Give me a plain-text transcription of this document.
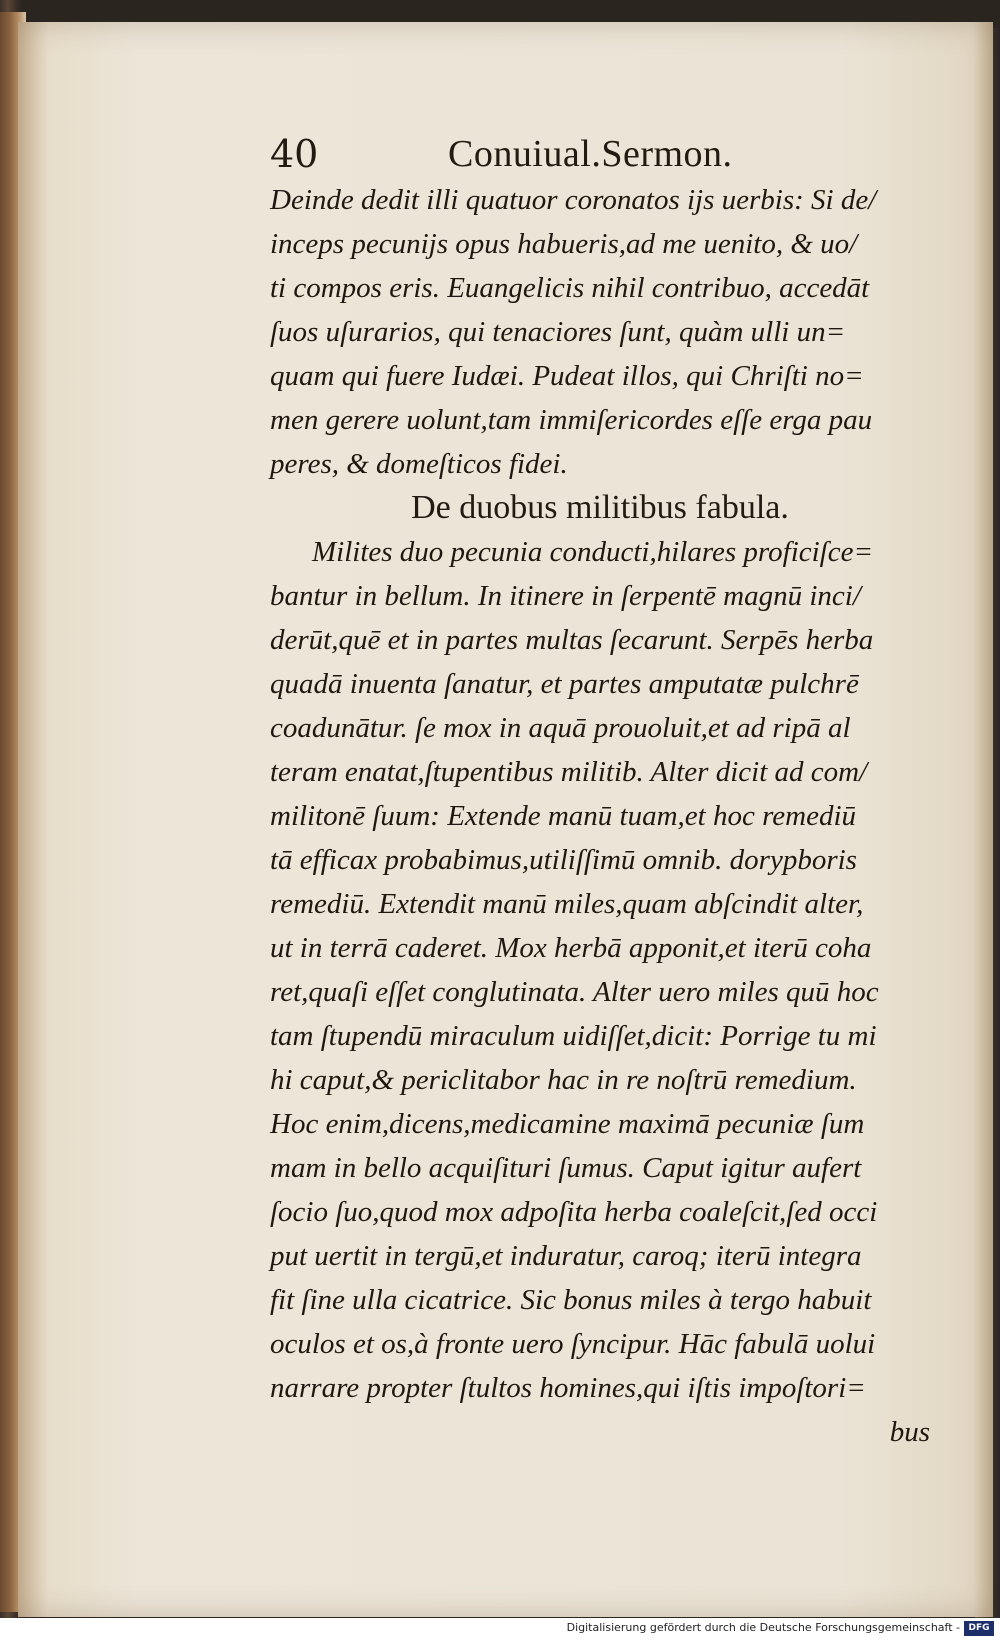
40	Conuiual.Sermon.
Deinde dedit illi quatuor coronatos ijs uerbis: Si de/
inceps pecunijs opus habueris,ad me uenito, & uo/
ti compos eris. Euangelicis nihil contribuo, accedāt
ſuos uſurarios, qui tenaciores ſunt, quàm ulli un=
quam qui fuere Iudæi. Pudeat illos, qui Chriſti no=
men gerere uolunt,tam immiſericordes eſſe erga pau
peres, & domeſticos fidei.
De duobus militibus fabula.
Milites duo pecunia conducti,hilares proficiſce=
bantur in bellum. In itinere in ſerpentē magnū inci/
derūt,quē et in partes multas ſecarunt. Serpēs herba
quadā inuenta ſanatur, et partes amputatæ pulchrē
coadunātur. ſe mox in aquā prouoluit,et ad ripā al
teram enatat,ſtupentibus militib. Alter dicit ad com/
militonē ſuum: Extende manū tuam,et hoc remediū
tā efficax probabimus,utiliſſimū omnib. dorypboris
remediū. Extendit manū miles,quam abſcindit alter,
ut in terrā caderet. Mox herbā apponit,et iterū coha
ret,quaſi eſſet conglutinata. Alter uero miles quū hoc
tam ſtupendū miraculum uidiſſet,dicit: Porrige tu mi
hi caput,& periclitabor hac in re noſtrū remedium.
Hoc enim,dicens,medicamine maximā pecuniæ ſum
mam in bello acquiſituri ſumus. Caput igitur aufert
ſocio ſuo,quod mox adpoſita herba coaleſcit,ſed occi
put uertit in tergū,et induratur, caroq; iterū integra
fit ſine ulla cicatrice. Sic bonus miles à tergo habuit
oculos et os,à fronte uero ſyncipur. Hāc fabulā uolui
narrare propter ſtultos homines,qui iſtis impoſtori=
bus
Digitalisierung gefördert durch die Deutsche Forschungsgemeinschaft - DFG
